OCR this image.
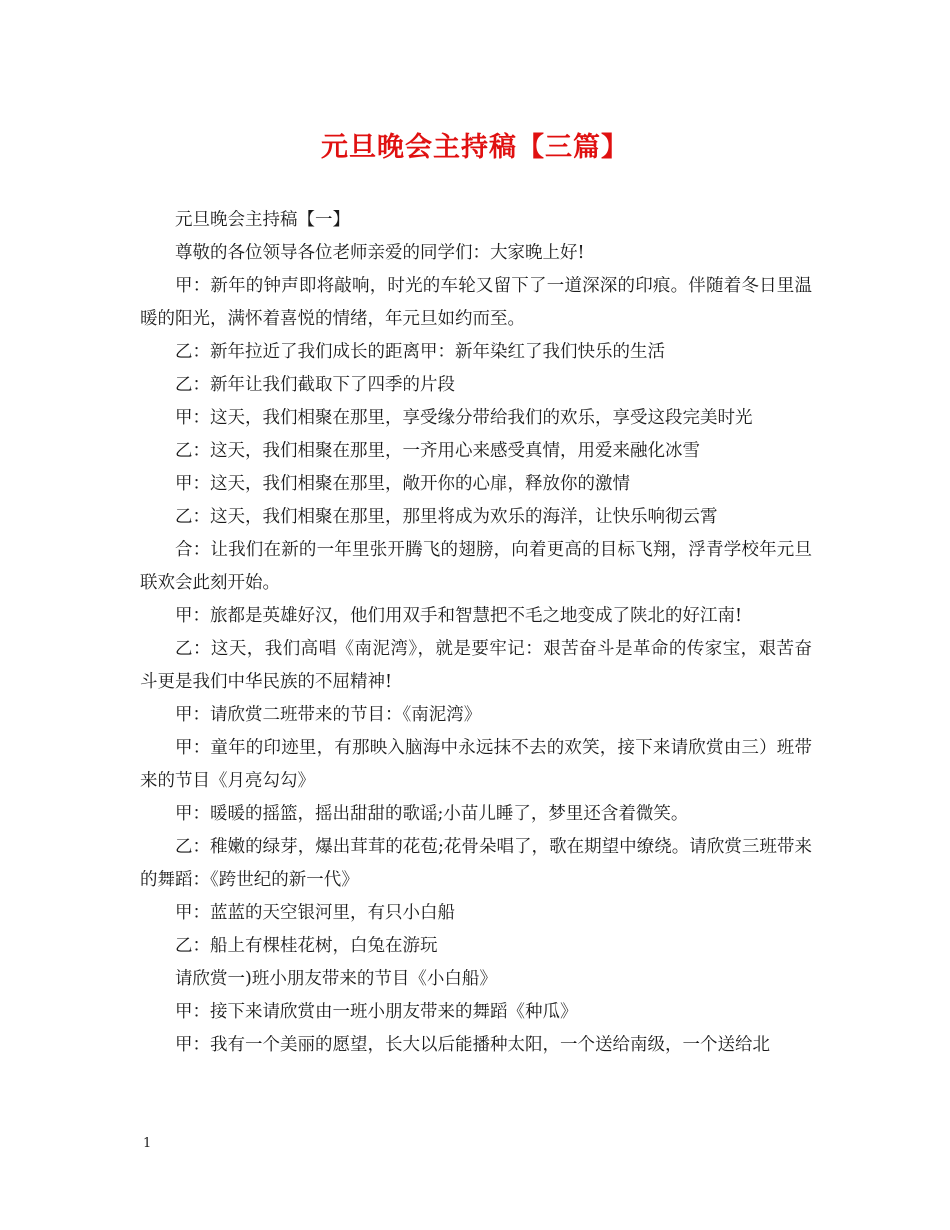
元旦晚会主持稿【三篇】

元旦晚会主持稿【一】

尊敬的各位领导各位老师亲爱的同学们：大家晚上好!

甲：新年的钟声即将敲响，时光的车轮又留下了一道深深的印痕。伴随着冬日里温暖的阳光，满怀着喜悦的情绪，年元旦如约而至。

乙：新年拉近了我们成长的距离甲：新年染红了我们快乐的生活

乙：新年让我们截取下了四季的片段

甲：这天，我们相聚在那里，享受缘分带给我们的欢乐，享受这段完美时光

乙：这天，我们相聚在那里，一齐用心来感受真情，用爱来融化冰雪

甲：这天，我们相聚在那里，敞开你的心扉，释放你的激情

乙：这天，我们相聚在那里，那里将成为欢乐的海洋，让快乐响彻云霄

合：让我们在新的一年里张开腾飞的翅膀，向着更高的目标飞翔，浮青学校年元旦联欢会此刻开始。

甲：旅都是英雄好汉，他们用双手和智慧把不毛之地变成了陕北的好江南!

乙：这天，我们高唱《南泥湾》，就是要牢记：艰苦奋斗是革命的传家宝，艰苦奋斗更是我们中华民族的不屈精神!

甲：请欣赏二班带来的节目：《南泥湾》

甲：童年的印迹里，有那映入脑海中永远抹不去的欢笑，接下来请欣赏由三）班带来的节目《月亮勾勾》

甲：暖暖的摇篮，摇出甜甜的歌谣;小苗儿睡了，梦里还含着微笑。

乙：稚嫩的绿芽，爆出茸茸的花苞;花骨朵唱了，歌在期望中缭绕。请欣赏三班带来的舞蹈：《跨世纪的新一代》

甲：蓝蓝的天空银河里，有只小白船

乙：船上有棵桂花树，白兔在游玩

请欣赏一)班小朋友带来的节目《小白船》

甲：接下来请欣赏由一班小朋友带来的舞蹈《种瓜》

甲：我有一个美丽的愿望，长大以后能播种太阳，一个送给南级，一个送给北

1
